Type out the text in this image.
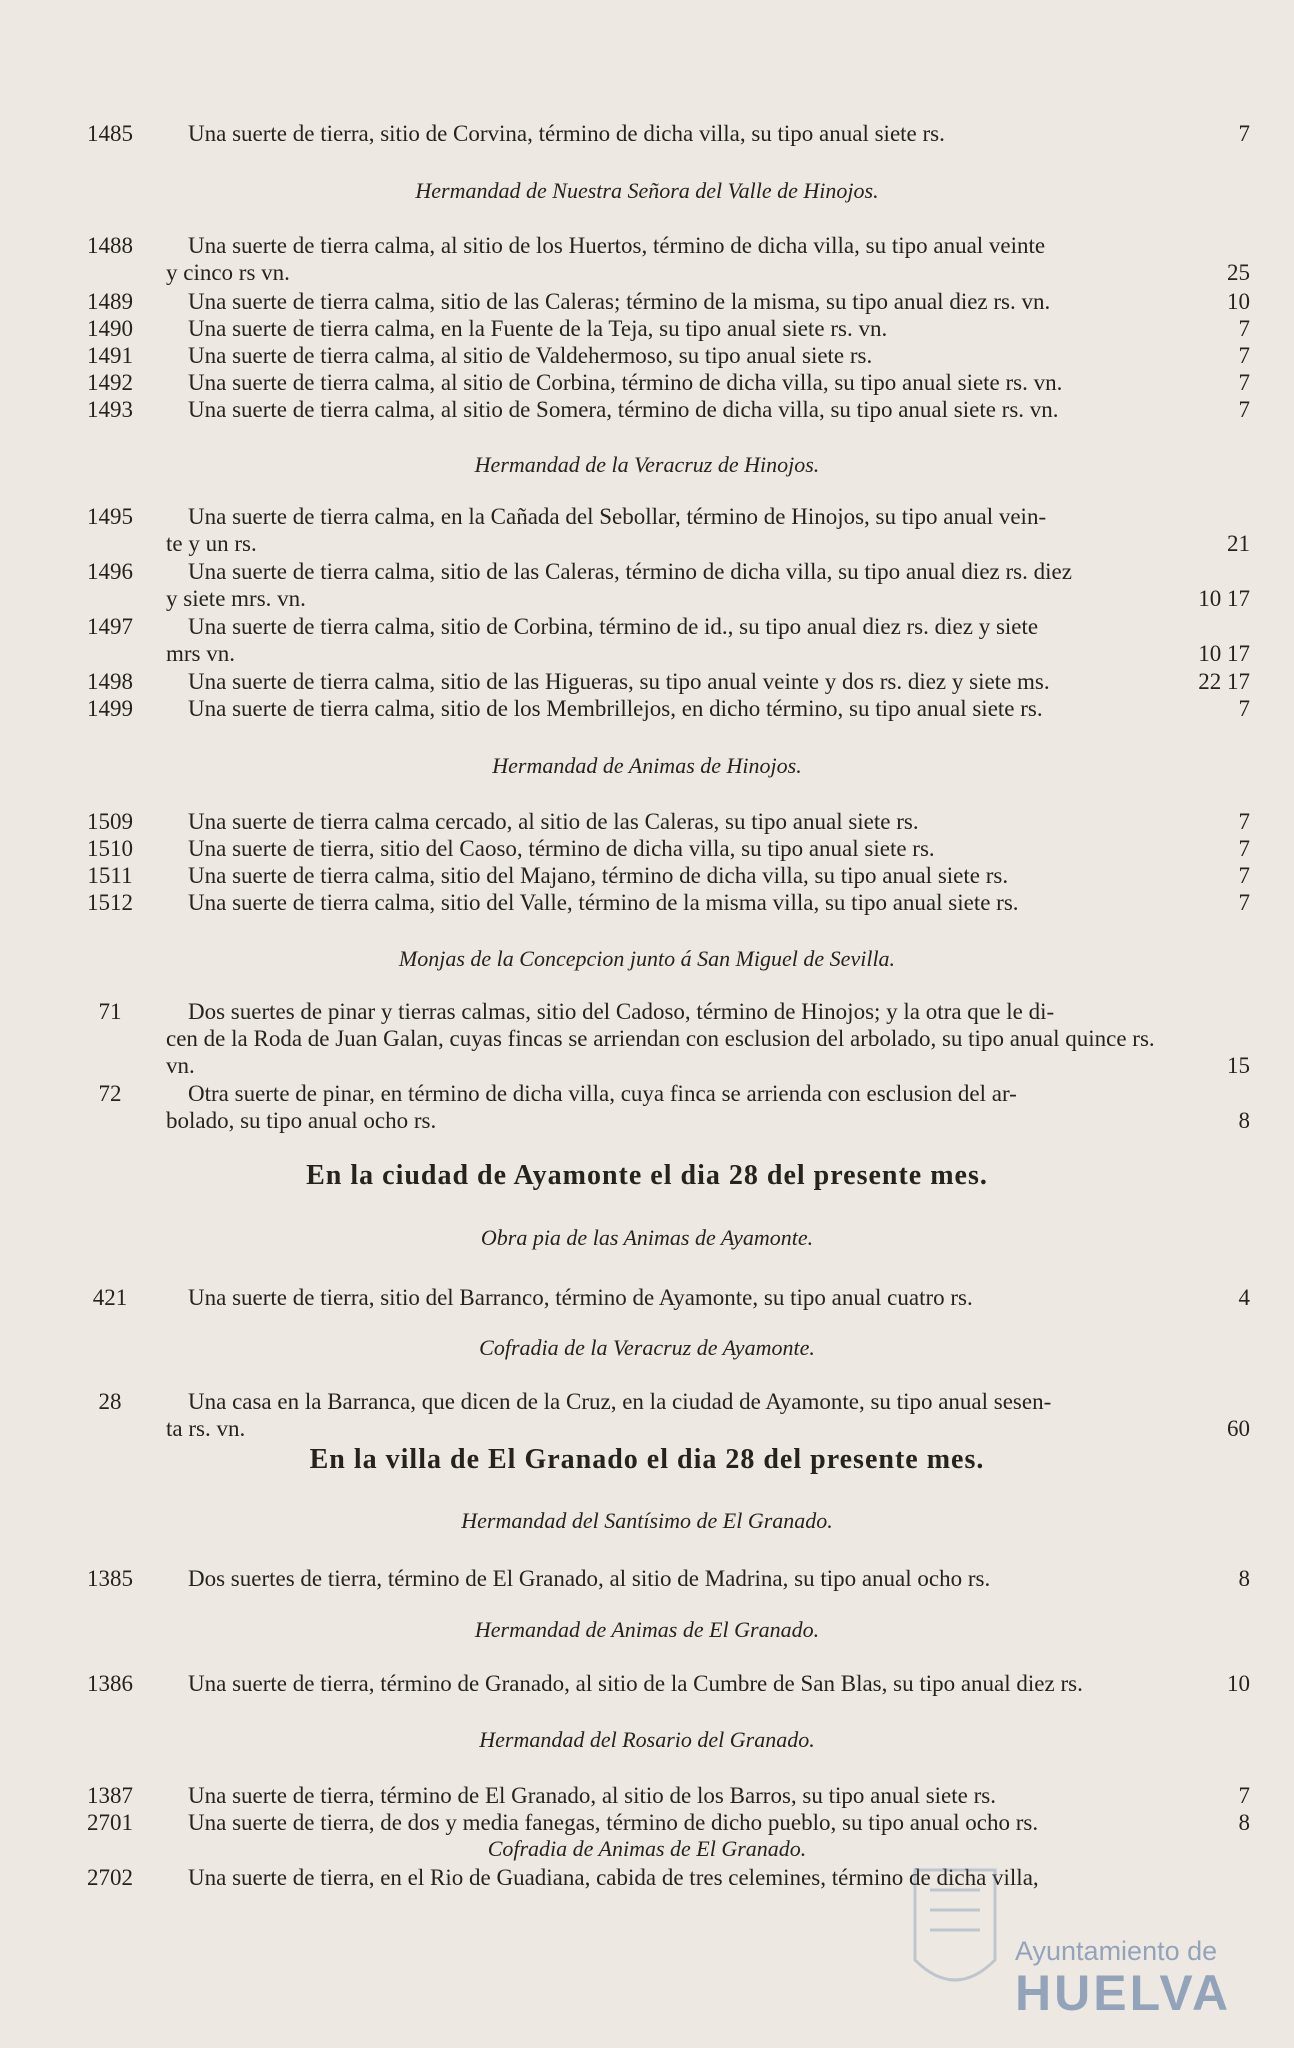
1485	Una suerte de tierra, sitio de Corvina, término de dicha villa, su tipo anual siete rs.	7
Hermandad de Nuestra Señora del Valle de Hinojos.
1488	Una suerte de tierra calma, al sitio de los Huertos, término de dicha villa, su tipo anual veinte
y cinco rs vn.	25
1489	Una suerte de tierra calma, sitio de las Caleras; término de la misma, su tipo anual diez rs. vn.	10
1490	Una suerte de tierra calma, en la Fuente de la Teja, su tipo anual siete rs. vn.	7
1491	Una suerte de tierra calma, al sitio de Valdehermoso, su tipo anual siete rs.	7
1492	Una suerte de tierra calma, al sitio de Corbina, término de dicha villa, su tipo anual siete rs. vn.	7
1493	Una suerte de tierra calma, al sitio de Somera, término de dicha villa, su tipo anual siete rs. vn.	7
Hermandad de la Veracruz de Hinojos.
1495	Una suerte de tierra calma, en la Cañada del Sebollar, término de Hinojos, su tipo anual vein-
te y un rs.	21
1496	Una suerte de tierra calma, sitio de las Caleras, término de dicha villa, su tipo anual diez rs. diez
y siete mrs. vn.	10 17
1497	Una suerte de tierra calma, sitio de Corbina, término de id., su tipo anual diez rs. diez y siete
mrs vn.	10 17
1498	Una suerte de tierra calma, sitio de las Higueras, su tipo anual veinte y dos rs. diez y siete ms.	22 17
1499	Una suerte de tierra calma, sitio de los Membrillejos, en dicho término, su tipo anual siete rs.	7
Hermandad de Animas de Hinojos.
1509	Una suerte de tierra calma cercado, al sitio de las Caleras, su tipo anual siete rs.	7
1510	Una suerte de tierra, sitio del Caoso, término de dicha villa, su tipo anual siete rs.	7
1511	Una suerte de tierra calma, sitio del Majano, término de dicha villa, su tipo anual siete rs.	7
1512	Una suerte de tierra calma, sitio del Valle, término de la misma villa, su tipo anual siete rs.	7
Monjas de la Concepcion junto á San Miguel de Sevilla.
71	Dos suertes de pinar y tierras calmas, sitio del Cadoso, término de Hinojos; y la otra que le di-
cen de la Roda de Juan Galan, cuyas fincas se arriendan con esclusion del arbolado, su tipo anual quince rs. vn.	15
72	Otra suerte de pinar, en término de dicha villa, cuya finca se arrienda con esclusion del ar-
bolado, su tipo anual ocho rs.	8
En la ciudad de Ayamonte el dia 28 del presente mes.
Obra pia de las Animas de Ayamonte.
421	Una suerte de tierra, sitio del Barranco, término de Ayamonte, su tipo anual cuatro rs.	4
Cofradia de la Veracruz de Ayamonte.
28	Una casa en la Barranca, que dicen de la Cruz, en la ciudad de Ayamonte, su tipo anual sesen-
ta rs. vn.	60
En la villa de El Granado el dia 28 del presente mes.
Hermandad del Santísimo de El Granado.
1385	Dos suertes de tierra, término de El Granado, al sitio de Madrina, su tipo anual ocho rs.	8
Hermandad de Animas de El Granado.
1386	Una suerte de tierra, término de Granado, al sitio de la Cumbre de San Blas, su tipo anual diez rs.	10
Hermandad del Rosario del Granado.
1387	Una suerte de tierra, término de El Granado, al sitio de los Barros, su tipo anual siete rs.	7
2701	Una suerte de tierra, de dos y media fanegas, término de dicho pueblo, su tipo anual ocho rs.	8
Cofradia de Animas de El Granado.
2702	Una suerte de tierra, en el Rio de Guadiana, cabida de tres celemines, término de dicha villa,
Ayuntamiento de
HUELVA
